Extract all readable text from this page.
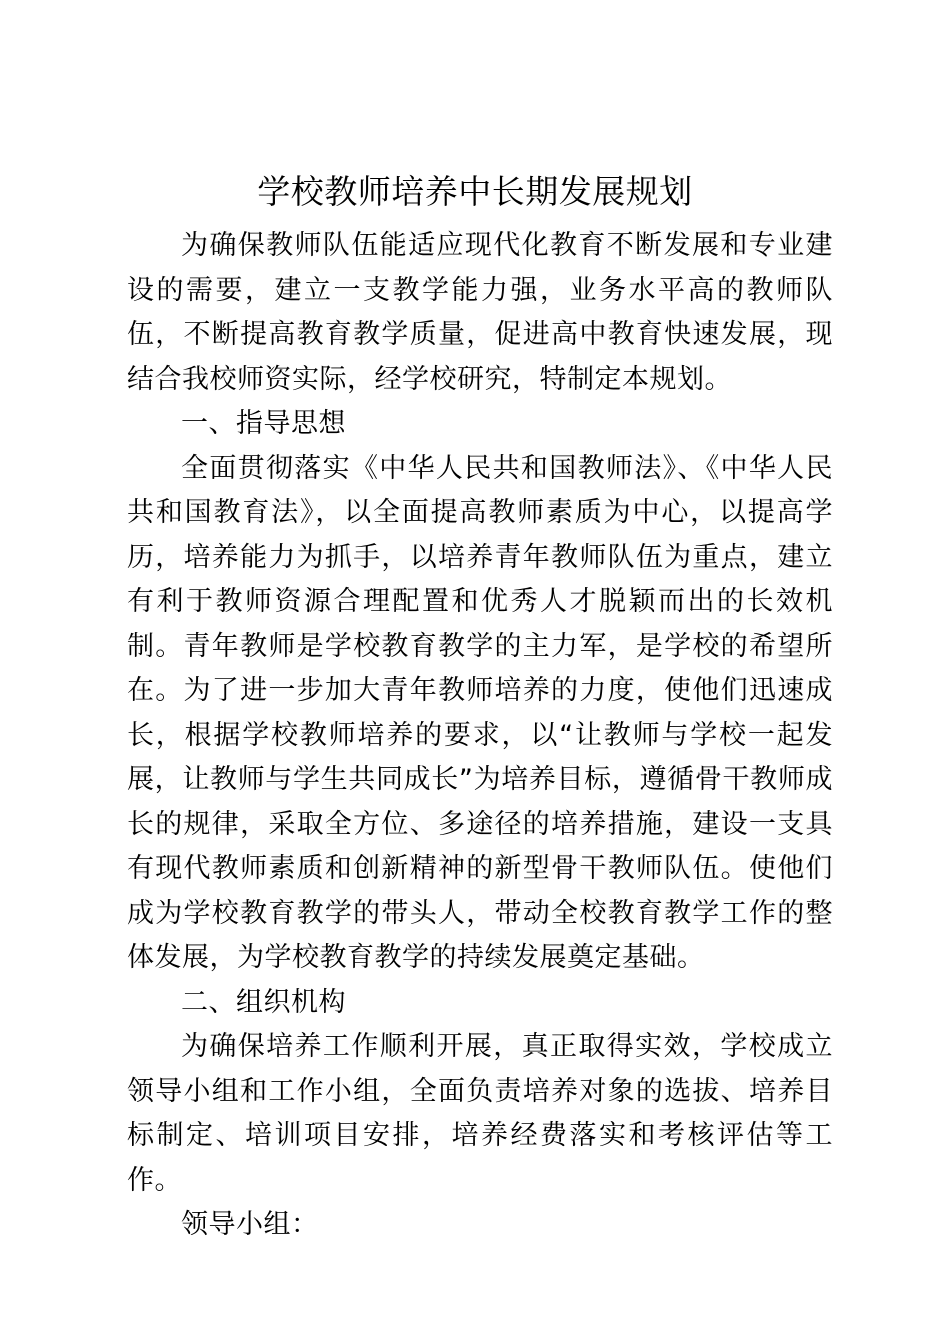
学校教师培养中长期发展规划

为确保教师队伍能适应现代化教育不断发展和专业建设的需要，建立一支教学能力强，业务水平高的教师队伍，不断提高教育教学质量，促进高中教育快速发展，现结合我校师资实际，经学校研究，特制定本规划。

一、指导思想

全面贯彻落实《中华人民共和国教师法》、《中华人民共和国教育法》，以全面提高教师素质为中心，以提高学历，培养能力为抓手，以培养青年教师队伍为重点，建立有利于教师资源合理配置和优秀人才脱颖而出的长效机制。青年教师是学校教育教学的主力军，是学校的希望所在。为了进一步加大青年教师培养的力度，使他们迅速成长，根据学校教师培养的要求，以“让教师与学校一起发展，让教师与学生共同成长”为培养目标，遵循骨干教师成长的规律，采取全方位、多途径的培养措施，建设一支具有现代教师素质和创新精神的新型骨干教师队伍。使他们成为学校教育教学的带头人，带动全校教育教学工作的整体发展，为学校教育教学的持续发展奠定基础。

二、组织机构

为确保培养工作顺利开展，真正取得实效，学校成立领导小组和工作小组，全面负责培养对象的选拔、培养目标制定、培训项目安排，培养经费落实和考核评估等工作。

领导小组：
